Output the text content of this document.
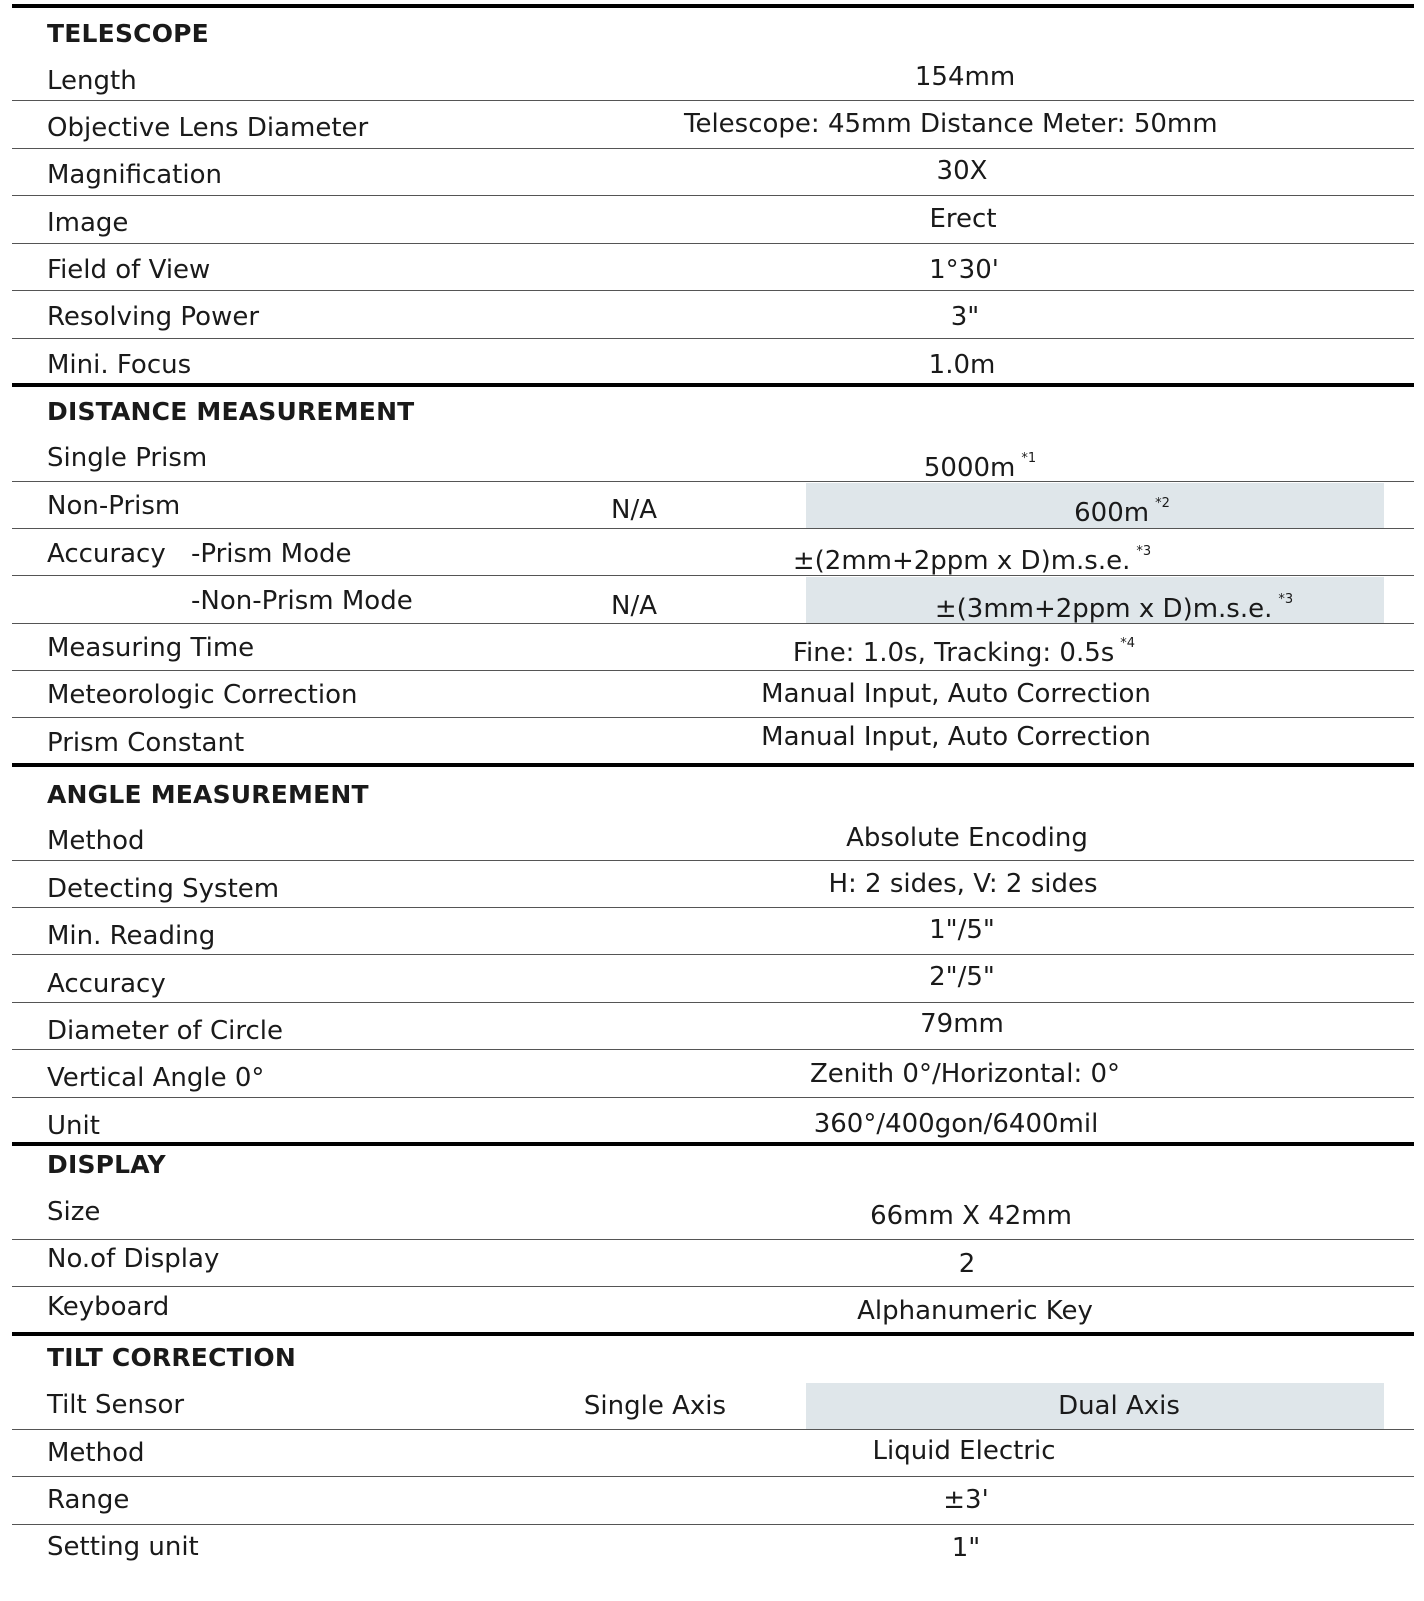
TELESCOPE
Length	154mm
Objective Lens Diameter	Telescope: 45mm Distance Meter: 50mm
Magnification	30X
Image	Erect
Field of View	1°30'
Resolving Power	3"
Mini. Focus	1.0m
DISTANCE MEASUREMENT
Single Prism	5000m $^{*1}$
Non-Prism	N/A	600m $^{*2}$
Accuracy -Prism Mode	±(2mm+2ppm x D)m.s.e. $^{*3}$
-Non-Prism Mode	N/A	±(3mm+2ppm x D)m.s.e. $^{*3}$
Measuring Time	Fine: 1.0s, Tracking: 0.5s $^{*4}$
Meteorologic Correction	Manual Input, Auto Correction
Prism Constant	Manual Input, Auto Correction
ANGLE MEASUREMENT
Method	Absolute Encoding
Detecting System	H: 2 sides, V: 2 sides
Min. Reading	1"/5"
Accuracy	2"/5"
Diameter of Circle	79mm
Vertical Angle 0°	Zenith 0°/Horizontal: 0°
Unit	360°/400gon/6400mil
DISPLAY
Size	66mm X 42mm
No.of Display	2
Keyboard	Alphanumeric Key
TILT CORRECTION
Tilt Sensor	Single Axis	Dual Axis
Method	Liquid Electric
Range	±3'
Setting unit	1"
